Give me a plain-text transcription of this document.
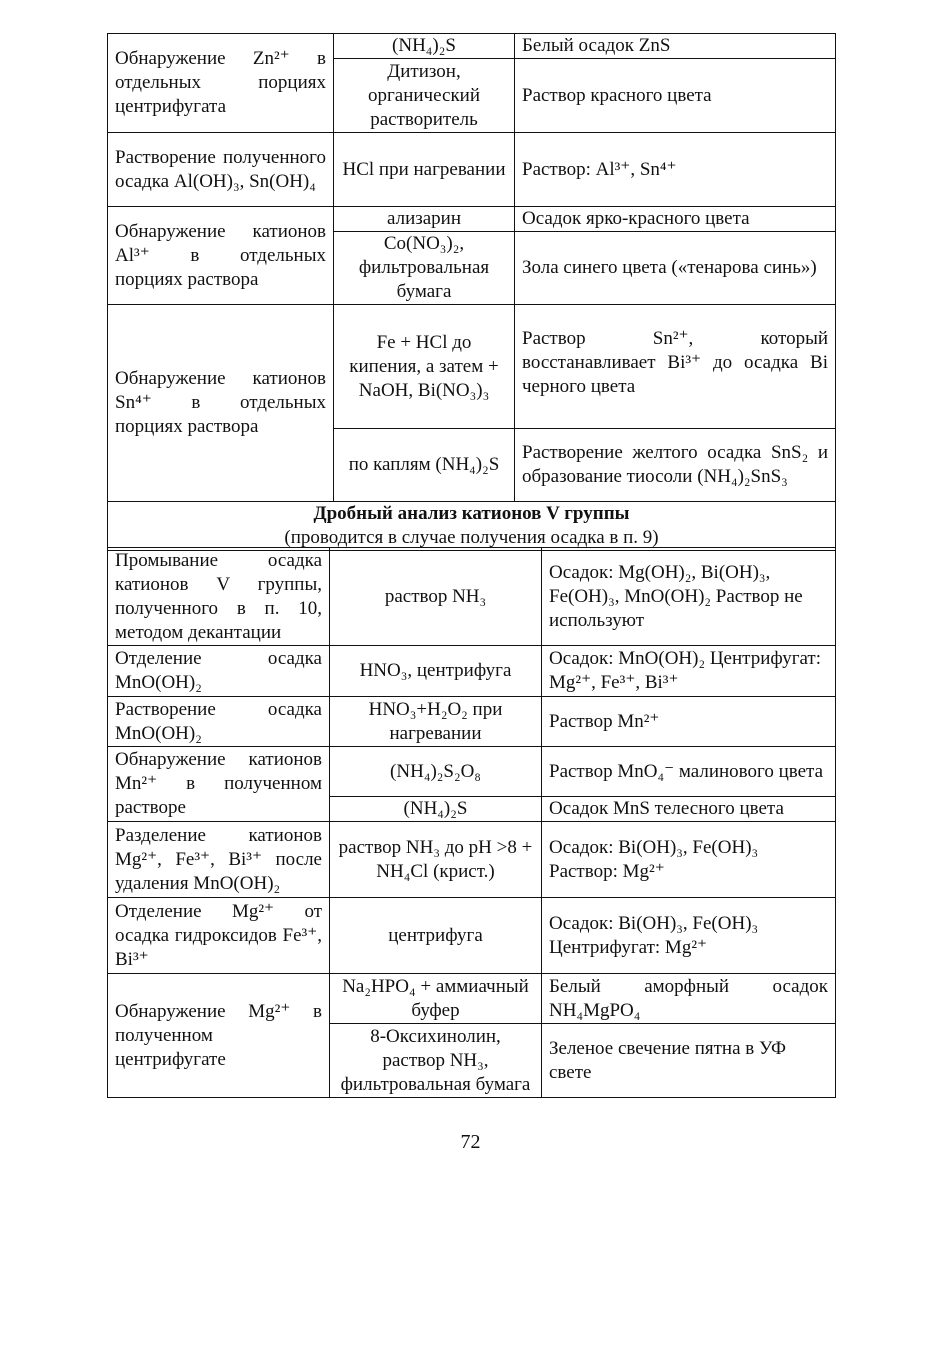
Обнаружение Zn²⁺ в отдельных порциях центрифугата	(NH₄)₂S	Белый осадок ZnS
	Дитизон, органический растворитель	Раствор красного цвета
Растворение полученного осадка Al(OH)₃, Sn(OH)₄	HCl при нагревании	Раствор: Al³⁺, Sn⁴⁺
Обнаружение катионов Al³⁺ в отдельных порциях раствора	ализарин	Осадок ярко-красного цвета
	Co(NO₃)₂, фильтровальная бумага	Зола синего цвета («тенарова синь»)
Обнаружение катионов Sn⁴⁺ в отдельных порциях раствора	Fe + HCl до кипения, а затем + NaOH, Bi(NO₃)₃	Раствор Sn²⁺, который восстанавливает Bi³⁺ до осадка Bi черного цвета
	по каплям (NH₄)₂S	Растворение желтого осадка SnS₂ и образование тиосоли (NH₄)₂SnS₃

Дробный анализ катионов V группы
(проводится в случае получения осадка в п. 9)		
Промывание осадка катионов V группы, полученного в п. 10, методом декантации	раствор NH₃	Осадок: Mg(OH)₂, Bi(OH)₃, Fe(OH)₃, MnO(OH)₂ Раствор не используют
Отделение осадка MnO(OH)₂	HNO₃, центрифуга	Осадок: MnO(OH)₂ Центрифугат: Mg²⁺, Fe³⁺, Bi³⁺
Растворение осадка MnO(OH)₂	HNO₃+H₂O₂ при нагревании	Раствор Mn²⁺
Обнаружение катионов Mn²⁺ в полученном растворе	(NH₄)₂S₂O₈	Раствор MnO₄⁻ малинового цвета
	(NH₄)₂S	Осадок MnS телесного цвета
Разделение катионов Mg²⁺, Fe³⁺, Bi³⁺ после удаления MnO(OH)₂	раствор NH₃ до pH >8 + NH₄Cl (крист.)	Осадок: Bi(OH)₃, Fe(OH)₃ Раствор: Mg²⁺
Отделение Mg²⁺ от осадка гидроксидов Fe³⁺, Bi³⁺	центрифуга	Осадок: Bi(OH)₃, Fe(OH)₃ Центрифугат: Mg²⁺
Обнаружение Mg²⁺ в полученном центрифугате	Na₂HPO₄ + аммиачный буфер	Белый аморфный осадок NH₄MgPO₄
	8-Оксихинолин, раствор NH₃, фильтровальная бумага	Зеленое свечение пятна в УФ свете
72
